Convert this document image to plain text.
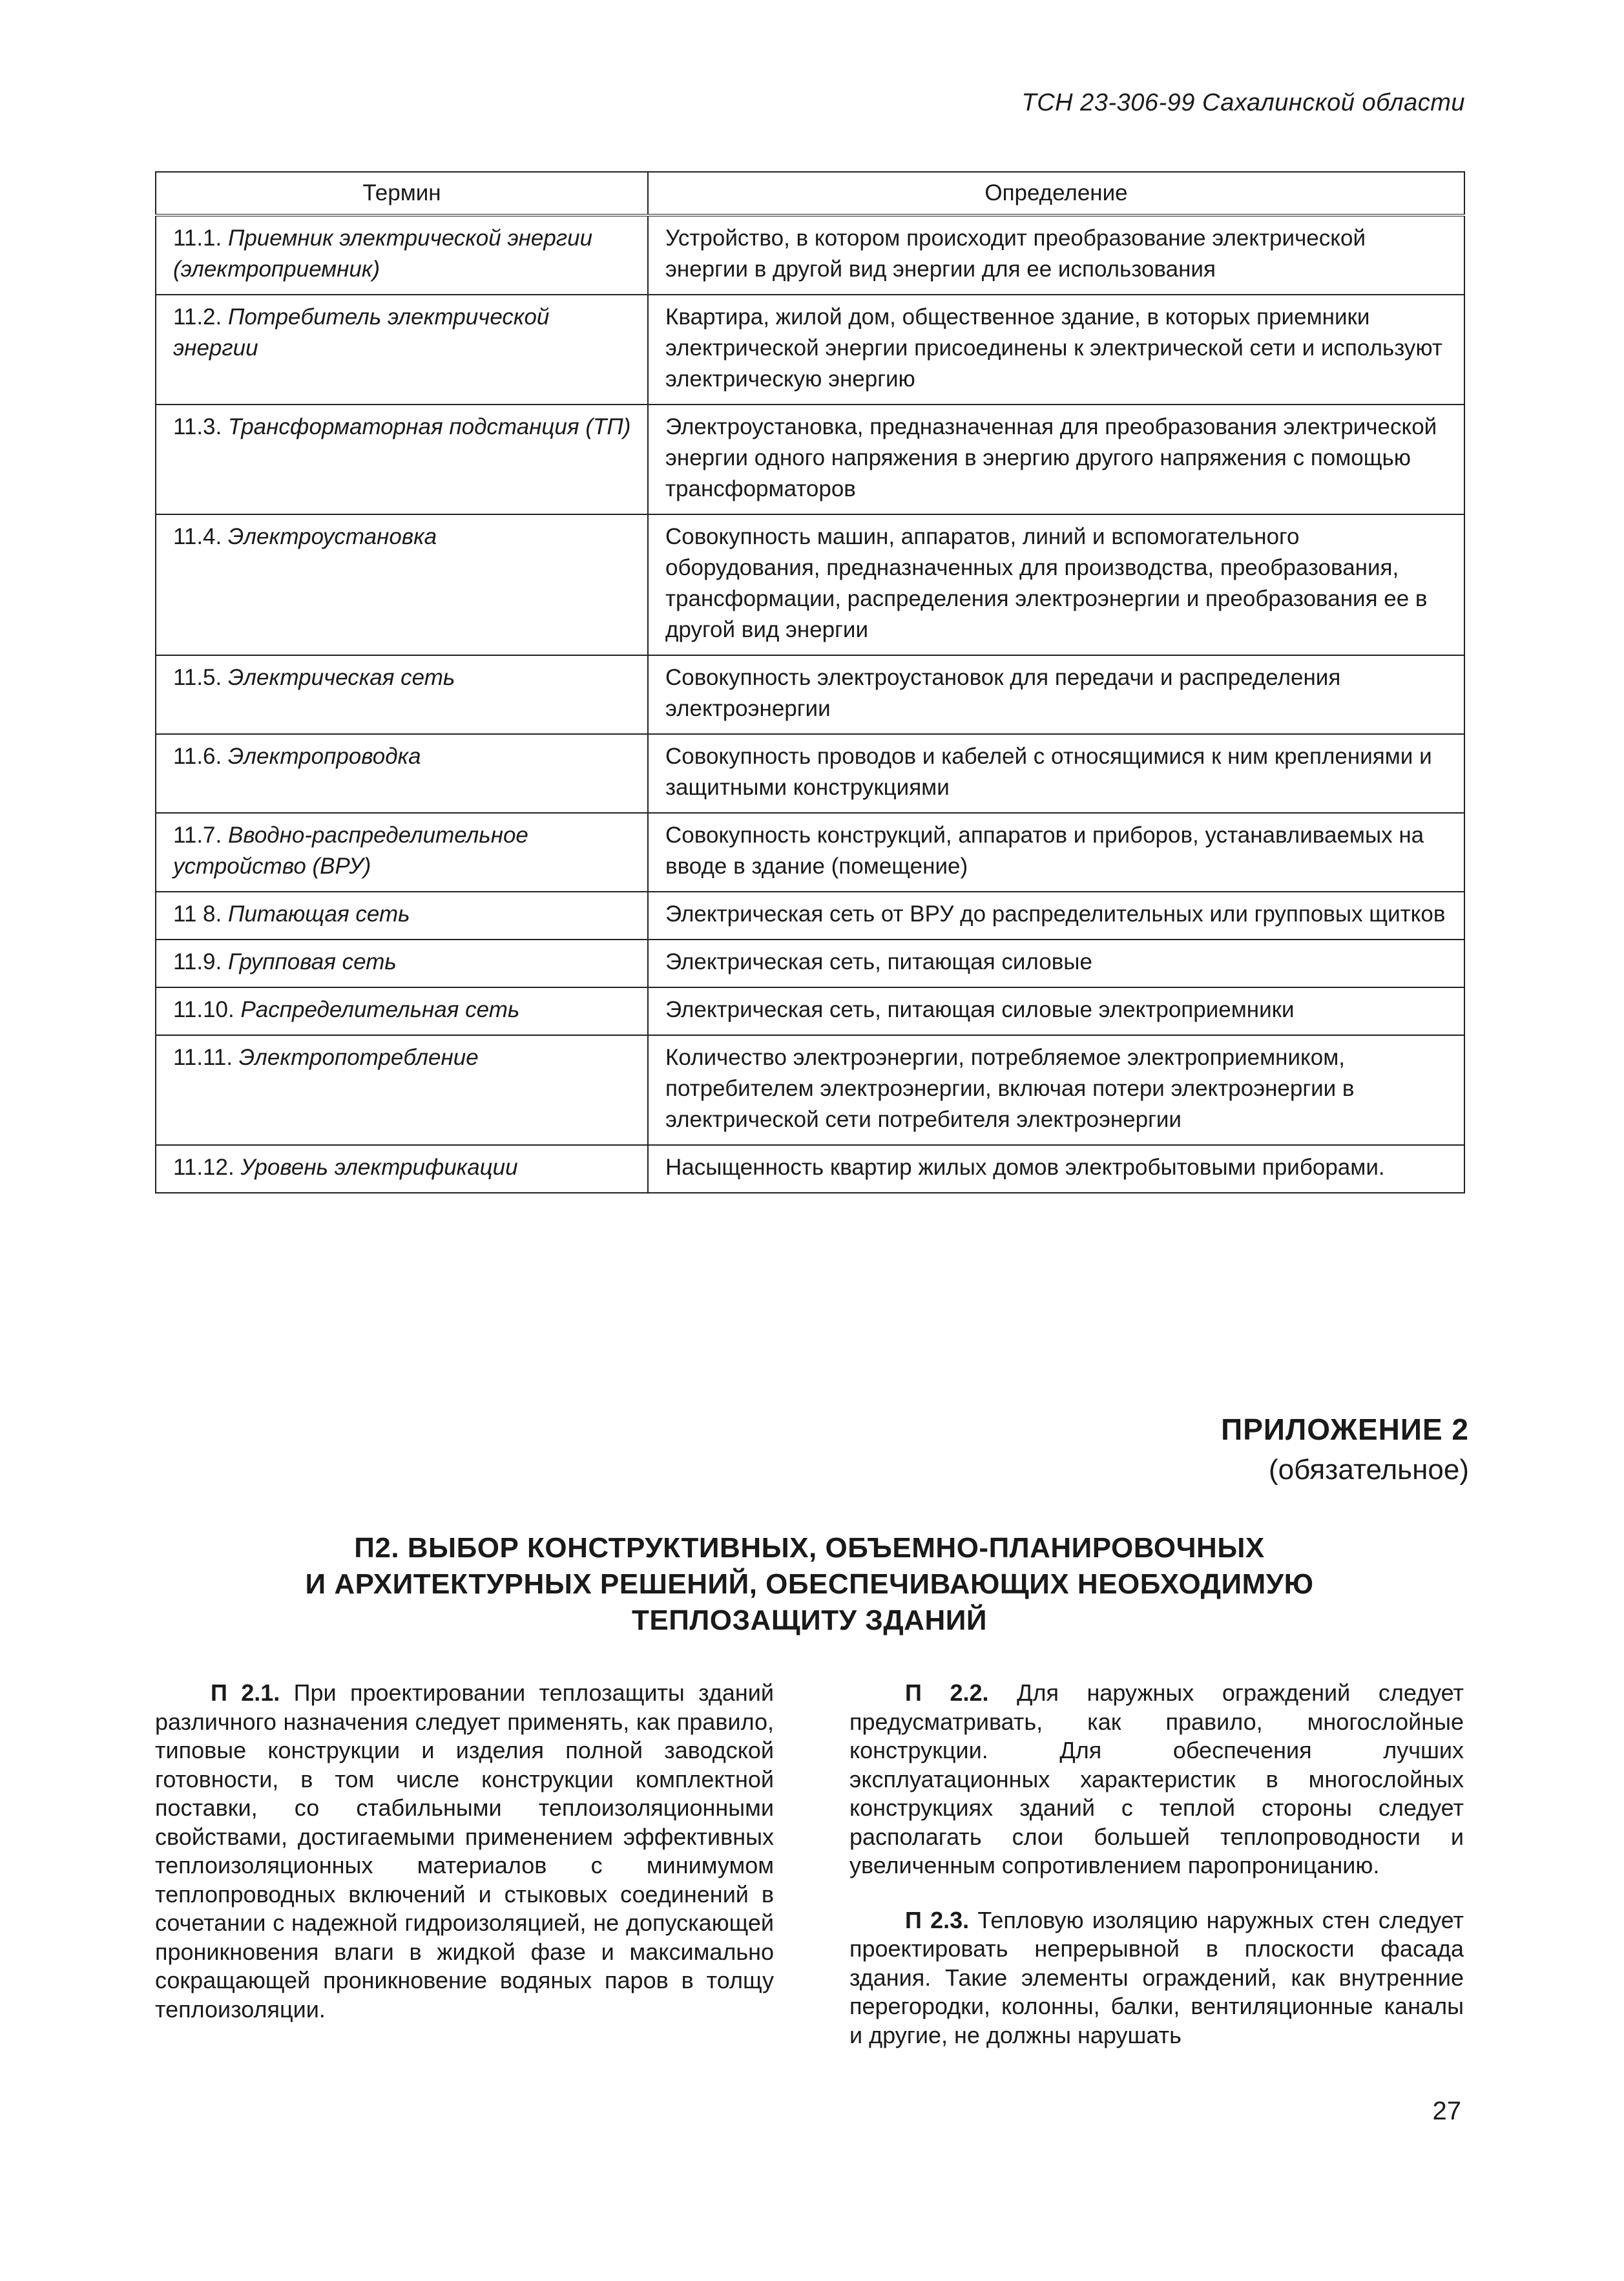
ТСН 23-306-99 Сахалинской области
Термин	Определение
11.1. Приемник электрической энергии (электроприемник)	Устройство, в котором происходит преобразование электрической энергии в другой вид энергии для ее использования
11.2. Потребитель электрической энергии	Квартира, жилой дом, общественное здание, в которых приемники электрической энергии присоединены к электрической сети и используют электрическую энергию
11.3. Трансформаторная подстанция (ТП)	Электроустановка, предназначенная для преобразования электрической энергии одного напряжения в энергию другого напряжения с помощью трансформаторов
11.4. Электроустановка	Совокупность машин, аппаратов, линий и вспомогательного оборудования, предназначенных для производства, преобразования, трансформации, распределения электроэнергии и преобразования ее в другой вид энергии
11.5. Электрическая сеть	Совокупность электроустановок для передачи и распределения электроэнергии
11.6. Электропроводка	Совокупность проводов и кабелей с относящимися к ним креплениями и защитными конструкциями
11.7. Вводно-распределительное устройство (ВРУ)	Совокупность конструкций, аппаратов и приборов, устанавливаемых на вводе в здание (помещение)
11 8. Питающая сеть	Электрическая сеть от ВРУ до распределительных или групповых щитков
11.9. Групповая сеть	Электрическая сеть, питающая силовые
11.10. Распределительная сеть	Электрическая сеть, питающая силовые электроприемники
11.11. Электропотребление	Количество электроэнергии, потребляемое электроприемником, потребителем электроэнергии, включая потери электроэнергии в электрической сети потребителя электроэнергии
11.12. Уровень электрификации	Насыщенность квартир жилых домов электробытовыми приборами.
ПРИЛОЖЕНИЕ 2
(обязательное)
П2. ВЫБОР КОНСТРУКТИВНЫХ, ОБЪЕМНО-ПЛАНИРОВОЧНЫХ
И АРХИТЕКТУРНЫХ РЕШЕНИЙ, ОБЕСПЕЧИВАЮЩИХ НЕОБХОДИМУЮ
ТЕПЛОЗАЩИТУ ЗДАНИЙ

П 2.1. При проектировании теплозащиты зданий различного назначения следует применять, как правило, типовые конструкции и изделия полной заводской готовности, в том числе конструкции комплектной поставки, со стабильными теплоизоляционными свойствами, достигаемыми применением эффективных теплоизоляционных материалов с минимумом теплопроводных включений и стыковых соединений в сочетании с надежной гидроизоляцией, не допускающей проникновения влаги в жидкой фазе и максимально сокращающей проникновение водяных паров в толщу теплоизоляции.

П 2.2. Для наружных ограждений следует предусматривать, как правило, многослойные конструкции. Для обеспечения лучших эксплуатационных характеристик в многослойных конструкциях зданий с теплой стороны следует располагать слои большей теплопроводности и увеличенным сопротивлением паропроницанию.

П 2.3. Тепловую изоляцию наружных стен следует проектировать непрерывной в плоскости фасада здания. Такие элементы ограждений, как внутренние перегородки, колонны, балки, вентиляционные каналы и другие, не должны нарушать

27
